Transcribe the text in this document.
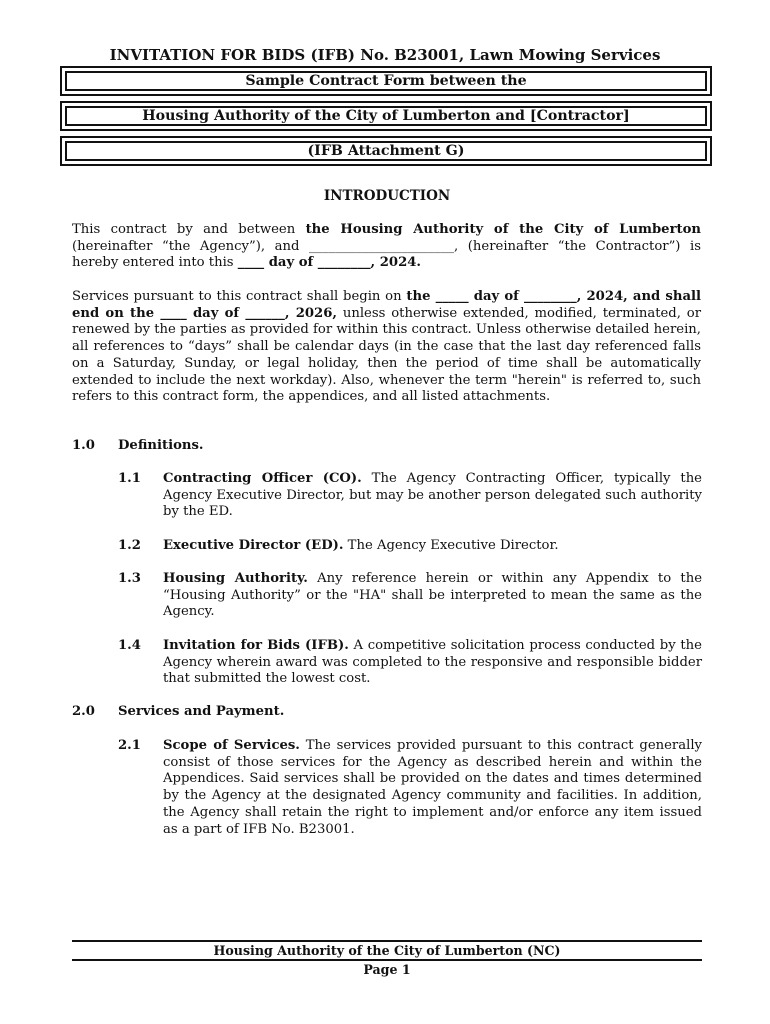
INVITATION FOR BIDS (IFB) No. B23001, Lawn Mowing Services
Sample Contract Form between the
Housing Authority of the City of Lumberton and [Contractor]
(IFB Attachment G)
INTRODUCTION
This contract by and between the Housing Authority of the City of Lumberton (hereinafter “the Agency”), and ______________________, (hereinafter “the Contractor”) is hereby entered into this ____ day of ________, 2024.
Services pursuant to this contract shall begin on the _____ day of ________, 2024, and shall end on the ____ day of ______, 2026, unless otherwise extended, modified, terminated, or renewed by the parties as provided for within this contract. Unless otherwise detailed herein, all references to “days” shall be calendar days (in the case that the last day referenced falls on a Saturday, Sunday, or legal holiday, then the period of time shall be automatically extended to include the next workday). Also, whenever the term "herein" is referred to, such refers to this contract form, the appendices, and all listed attachments.
1.0 Definitions.
1.1 Contracting Officer (CO). The Agency Contracting Officer, typically the Agency Executive Director, but may be another person delegated such authority by the ED.
1.2 Executive Director (ED). The Agency Executive Director.
1.3 Housing Authority. Any reference herein or within any Appendix to the “Housing Authority” or the "HA" shall be interpreted to mean the same as the Agency.
1.4 Invitation for Bids (IFB). A competitive solicitation process conducted by the Agency wherein award was completed to the responsive and responsible bidder that submitted the lowest cost.
2.0 Services and Payment.
2.1 Scope of Services. The services provided pursuant to this contract generally consist of those services for the Agency as described herein and within the Appendices. Said services shall be provided on the dates and times determined by the Agency at the designated Agency community and facilities. In addition, the Agency shall retain the right to implement and/or enforce any item issued as a part of IFB No. B23001.
Housing Authority of the City of Lumberton (NC)
Page 1
